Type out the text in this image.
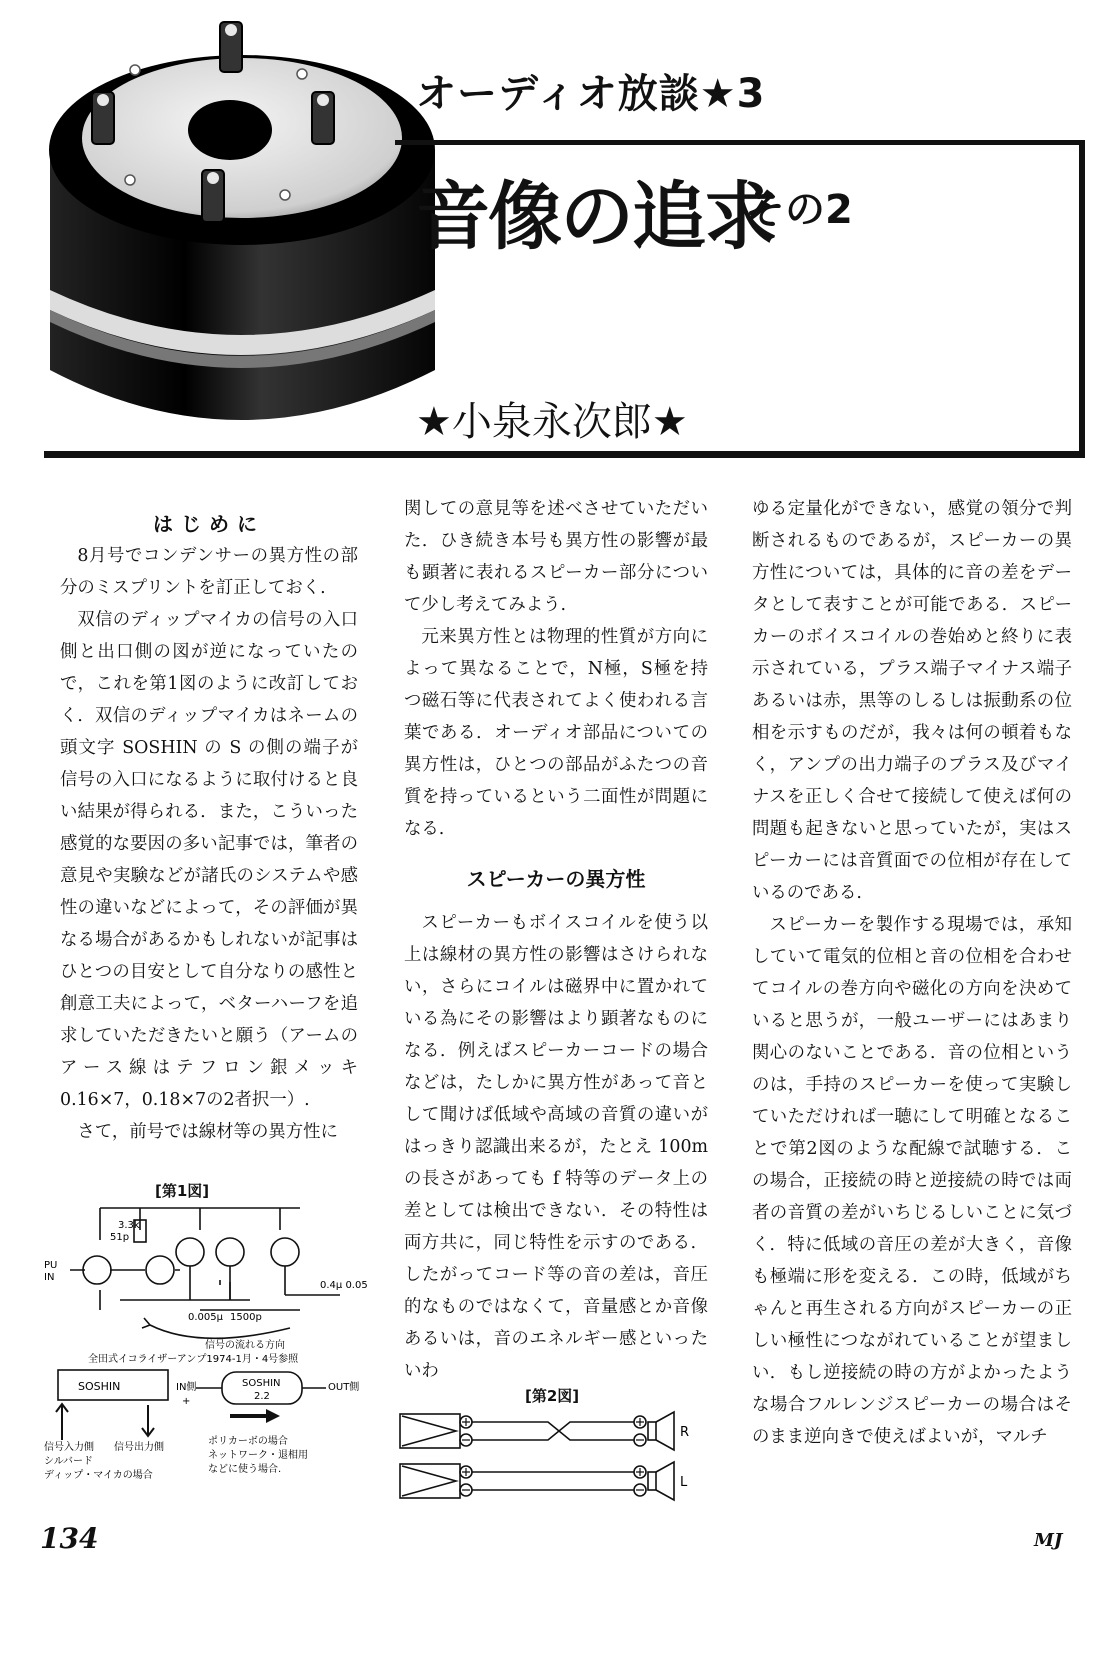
オーディオ放談★3
音像の追求
その2
★小泉永次郎★
はじめに

8月号でコンデンサーの異方性の部分のミスプリントを訂正しておく.

双信のディップマイカの信号の入口側と出口側の図が逆になっていたので，これを第1図のように改訂しておく．双信のディップマイカはネームの頭文字 SOSHIN の S の側の端子が信号の入口になるように取付けると良い結果が得られる．また，こういった感覚的な要因の多い記事では，筆者の意見や実験などが諸氏のシステムや感性の違いなどによって，その評価が異なる場合があるかもしれないが記事はひとつの目安として自分なりの感性と創意工夫によって，ベターハーフを追求していただきたいと願う（アームのアース線はテフロン銀メッキ0.16×7，0.18×7の2者択一）.

さて，前号では線材等の異方性に

[第1図]
3.3k
51p
PU
IN
0.005μ 1500p
0.4μ 0.05
信号の流れる方向
全田式イコライザーアンプ1974-1月・4号参照
SOSHIN
信号入力側 信号出力側
シルバード
ディップ・マイカの場合
IN側
+
SOSHIN
2.2
OUT側
ポリカーボの場合
ネットワーク・退相用
などに使う場合.

関しての意見等を述べさせていただいた．ひき続き本号も異方性の影響が最も顕著に表れるスピーカー部分について少し考えてみよう.

元来異方性とは物理的性質が方向によって異なることで，N極，S極を持つ磁石等に代表されてよく使われる言葉である．オーディオ部品についての異方性は，ひとつの部品がふたつの音質を持っているという二面性が問題になる.

スピーカーの異方性

スピーカーもボイスコイルを使う以上は線材の異方性の影響はさけられない，さらにコイルは磁界中に置かれている為にその影響はより顕著なものになる．例えばスピーカーコードの場合などは，たしかに異方性があって音として聞けば低域や高域の音質の違いがはっきり認識出来るが，たとえ 100m の長さがあっても f 特等のデータ上の差としては検出できない．その特性は両方共に，同じ特性を示すのである．したがってコード等の音の差は，音圧的なものではなくて，音量感とか音像あるいは，音のエネルギー感といったいわ

[第2図]
R
L

ゆる定量化ができない，感覚の領分で判断されるものであるが，スピーカーの異方性については，具体的に音の差をデータとして表すことが可能である．スピーカーのボイスコイルの巻始めと終りに表示されている，プラス端子マイナス端子あるいは赤，黒等のしるしは振動系の位相を示すものだが，我々は何の頓着もなく，アンプの出力端子のプラス及びマイナスを正しく合せて接続して使えば何の問題も起きないと思っていたが，実はスピーカーには音質面での位相が存在しているのである.

スピーカーを製作する現場では，承知していて電気的位相と音の位相を合わせてコイルの巻方向や磁化の方向を決めていると思うが，一般ユーザーにはあまり関心のないことである．音の位相というのは，手持のスピーカーを使って実験していただければ一聴にして明確となることで第2図のような配線で試聴する．この場合，正接続の時と逆接続の時では両者の音質の差がいちじるしいことに気づく．特に低域の音圧の差が大きく，音像も極端に形を変える．この時，低域がちゃんと再生される方向がスピーカーの正しい極性につながれていることが望ましい．もし逆接続の時の方がよかったような場合フルレンジスピーカーの場合はそのまま逆向きで使えばよいが，マルチ

134	MJ
